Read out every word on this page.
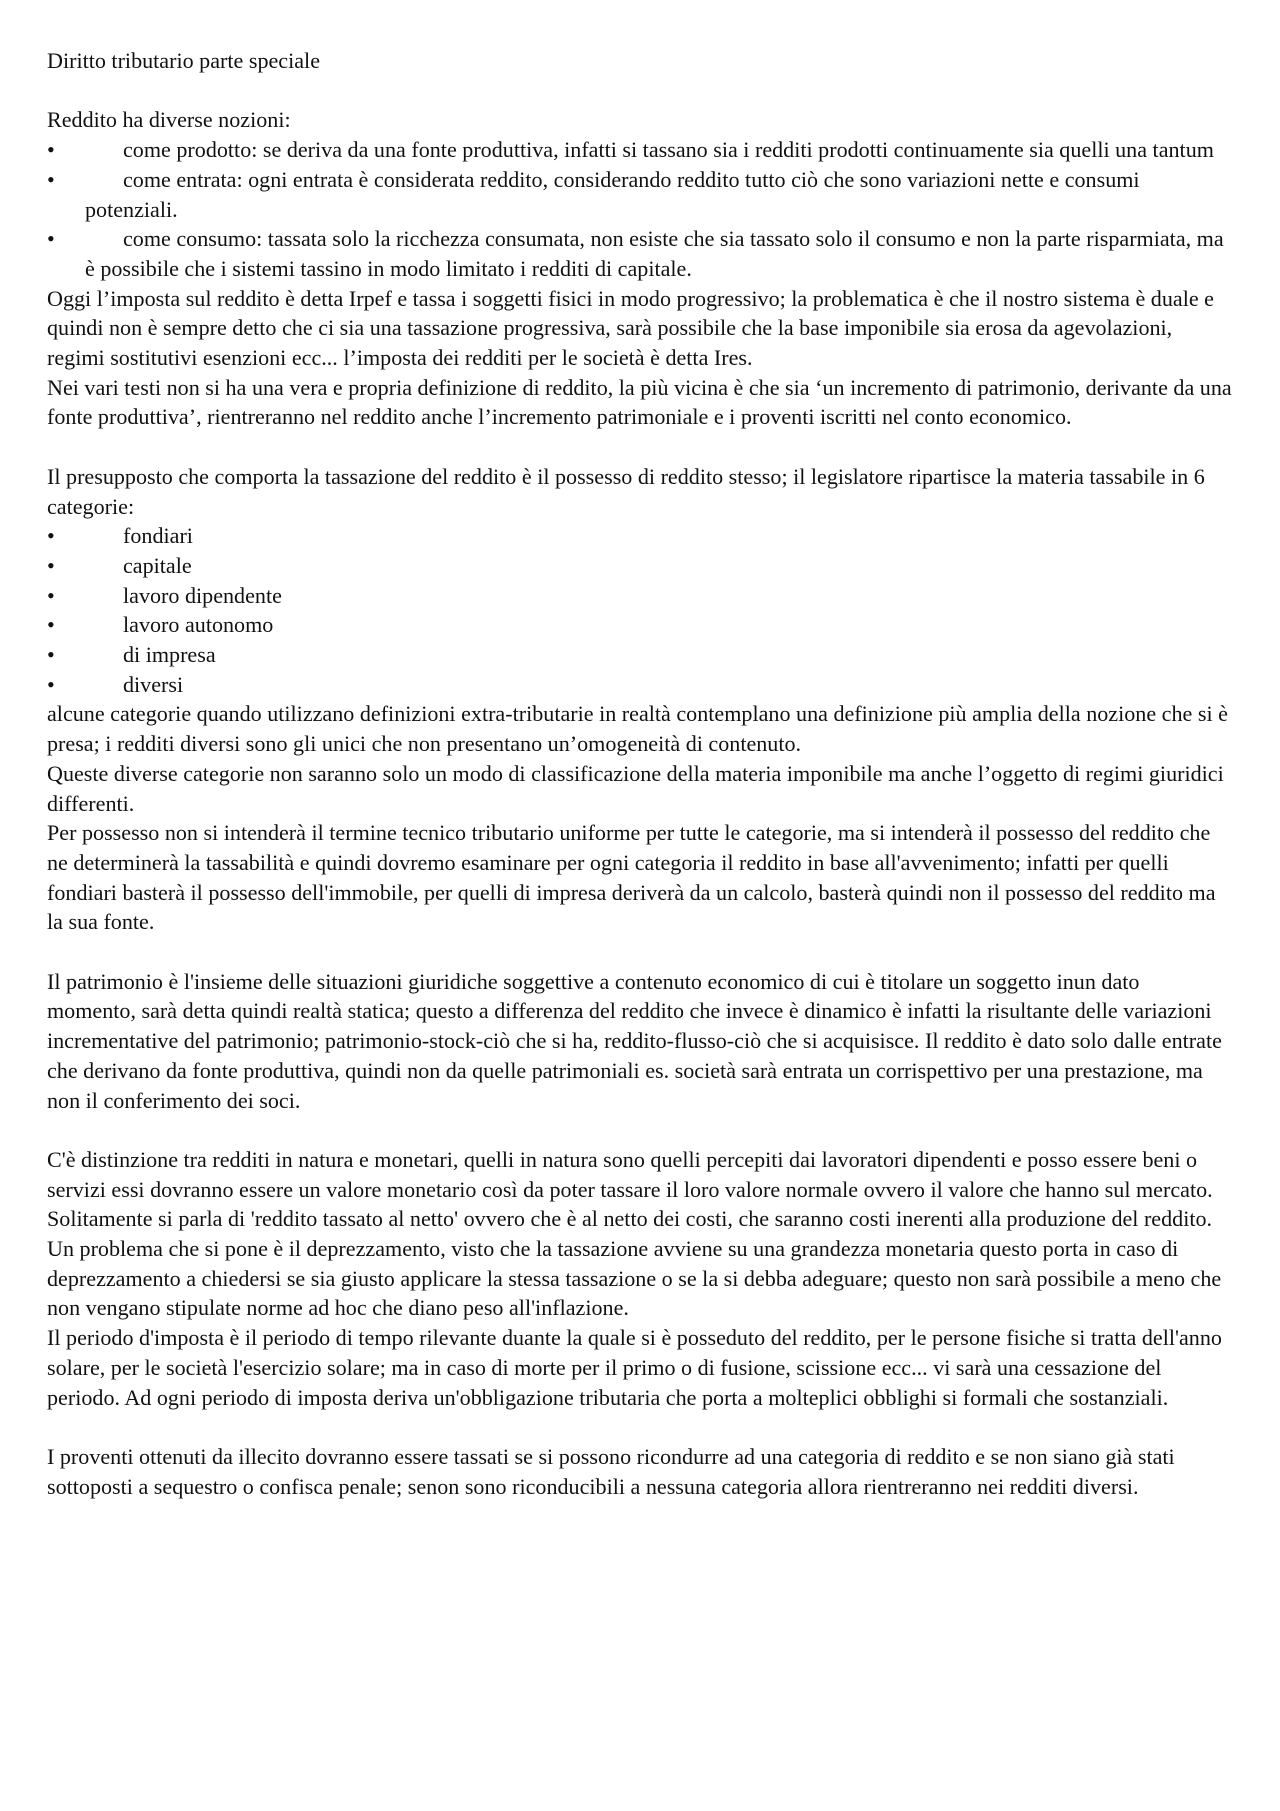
Diritto tributario parte speciale

Reddito ha diverse nozioni:

•	come prodotto: se deriva da una fonte produttiva, infatti si tassano sia i redditi prodotti continuamente sia quelli una tantum
•	come entrata: ogni entrata è considerata reddito, considerando reddito tutto ciò che sono variazioni nette e consumi potenziali.
•	come consumo: tassata solo la ricchezza consumata, non esiste che sia tassato solo il consumo e non la parte risparmiata, ma è possibile che i sistemi tassino in modo limitato i redditi di capitale.

Oggi l’imposta sul reddito è detta Irpef e tassa i soggetti fisici in modo progressivo; la problematica è che il nostro sistema è duale e quindi non è sempre detto che ci sia una tassazione progressiva, sarà possibile che la base imponibile sia erosa da agevolazioni, regimi sostitutivi esenzioni ecc... l’imposta dei redditi per le società è detta Ires.

Nei vari testi non si ha una vera e propria definizione di reddito, la più vicina è che sia ‘un incremento di patrimonio, derivante da una fonte produttiva’, rientreranno nel reddito anche l’incremento patrimoniale e i proventi iscritti nel conto economico.

Il presupposto che comporta la tassazione del reddito è il possesso di reddito stesso; il legislatore ripartisce la materia tassabile in 6 categorie:

•	fondiari
•	capitale
•	lavoro dipendente
•	lavoro autonomo
•	di impresa
•	diversi

alcune categorie quando utilizzano definizioni extra-tributarie in realtà contemplano una definizione più amplia della nozione che si è presa; i redditi diversi sono gli unici che non presentano un’omogeneità di contenuto.

Queste diverse categorie non saranno solo un modo di classificazione della materia imponibile ma anche l’oggetto di regimi giuridici differenti.

Per possesso non si intenderà il termine tecnico tributario uniforme per tutte le categorie, ma si intenderà il possesso del reddito che ne determinerà la tassabilità e quindi dovremo esaminare per ogni categoria il reddito in base all'avvenimento; infatti per quelli fondiari basterà il possesso dell'immobile, per quelli di impresa deriverà da un calcolo, basterà quindi non il possesso del reddito ma la sua fonte.

Il patrimonio è l'insieme delle situazioni giuridiche soggettive a contenuto economico di cui è titolare un soggetto inun dato momento, sarà detta quindi realtà statica; questo a differenza del reddito che invece è dinamico è infatti la risultante delle variazioni incrementative del patrimonio; patrimonio-stock-ciò che si ha, reddito-flusso-ciò che si acquisisce. Il reddito è dato solo dalle entrate che derivano da fonte produttiva, quindi non da quelle patrimoniali es. società sarà entrata un corrispettivo per una prestazione, ma non il conferimento dei soci.

C'è distinzione tra redditi in natura e monetari, quelli in natura sono quelli percepiti dai lavoratori dipendenti e posso essere beni o servizi essi dovranno essere un valore monetario così da poter tassare il loro valore normale ovvero il valore che hanno sul mercato.

Solitamente si parla di 'reddito tassato al netto' ovvero che è al netto dei costi, che saranno costi inerenti alla produzione del reddito.

Un problema che si pone è il deprezzamento, visto che la tassazione avviene su una grandezza monetaria questo porta in caso di deprezzamento a chiedersi se sia giusto applicare la stessa tassazione o se la si debba adeguare; questo non sarà possibile a meno che non vengano stipulate norme ad hoc che diano peso all'inflazione.

Il periodo d'imposta è il periodo di tempo rilevante duante la quale si è posseduto del reddito, per le persone fisiche si tratta dell'anno solare, per le società l'esercizio solare; ma in caso di morte per il primo o di fusione, scissione ecc... vi sarà una cessazione del periodo. Ad ogni periodo di imposta deriva un'obbligazione tributaria che porta a molteplici obblighi si formali che sostanziali.

I proventi ottenuti da illecito dovranno essere tassati se si possono ricondurre ad una categoria di reddito e se non siano già stati sottoposti a sequestro o confisca penale; senon sono riconducibili a nessuna categoria allora rientreranno nei redditi diversi.
